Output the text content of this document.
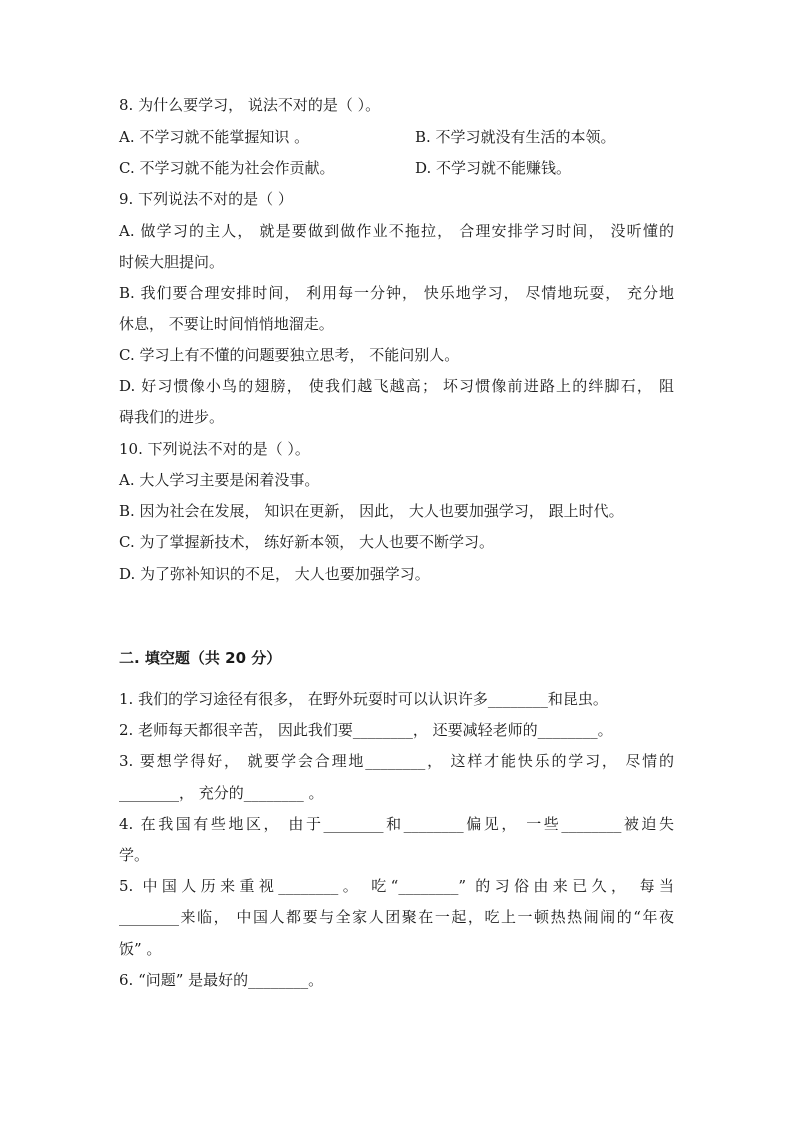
8. 为什么要学习， 说法不对的是（ ）。
A. 不学习就不能掌握知识 。	B. 不学习就没有生活的本领。
C. 不学习就不能为社会作贡献。	D. 不学习就不能赚钱。
9. 下列说法不对的是（ ）
A. 做学习的主人， 就是要做到做作业不拖拉， 合理安排学习时间， 没听懂的
时候大胆提问。
B. 我们要合理安排时间， 利用每一分钟， 快乐地学习， 尽情地玩耍， 充分地
休息， 不要让时间悄悄地溜走。
C. 学习上有不懂的问题要独立思考， 不能问别人。
D. 好习惯像小鸟的翅膀， 使我们越飞越高； 坏习惯像前进路上的绊脚石， 阻
碍我们的进步。
10. 下列说法不对的是（ ）。
A. 大人学习主要是闲着没事。
B. 因为社会在发展， 知识在更新， 因此， 大人也要加强学习， 跟上时代。
C. 为了掌握新技术， 练好新本领， 大人也要不断学习。
D. 为了弥补知识的不足， 大人也要加强学习。
二. 填空题（共 20 分）
1. 我们的学习途径有很多， 在野外玩耍时可以认识许多________和昆虫。
2. 老师每天都很辛苦， 因此我们要________， 还要减轻老师的________。
3. 要想学得好， 就要学会合理地________， 这样才能快乐的学习， 尽情的
________， 充分的________ 。
4. 在我国有些地区， 由于________和________偏见， 一些________被迫失
学。
5. 中国人历来重视________。 吃“________” 的习俗由来已久， 每当
________来临， 中国人都要与全家人团聚在一起，吃上一顿热热闹闹的“年夜
饭” 。
6. “问题” 是最好的________。
